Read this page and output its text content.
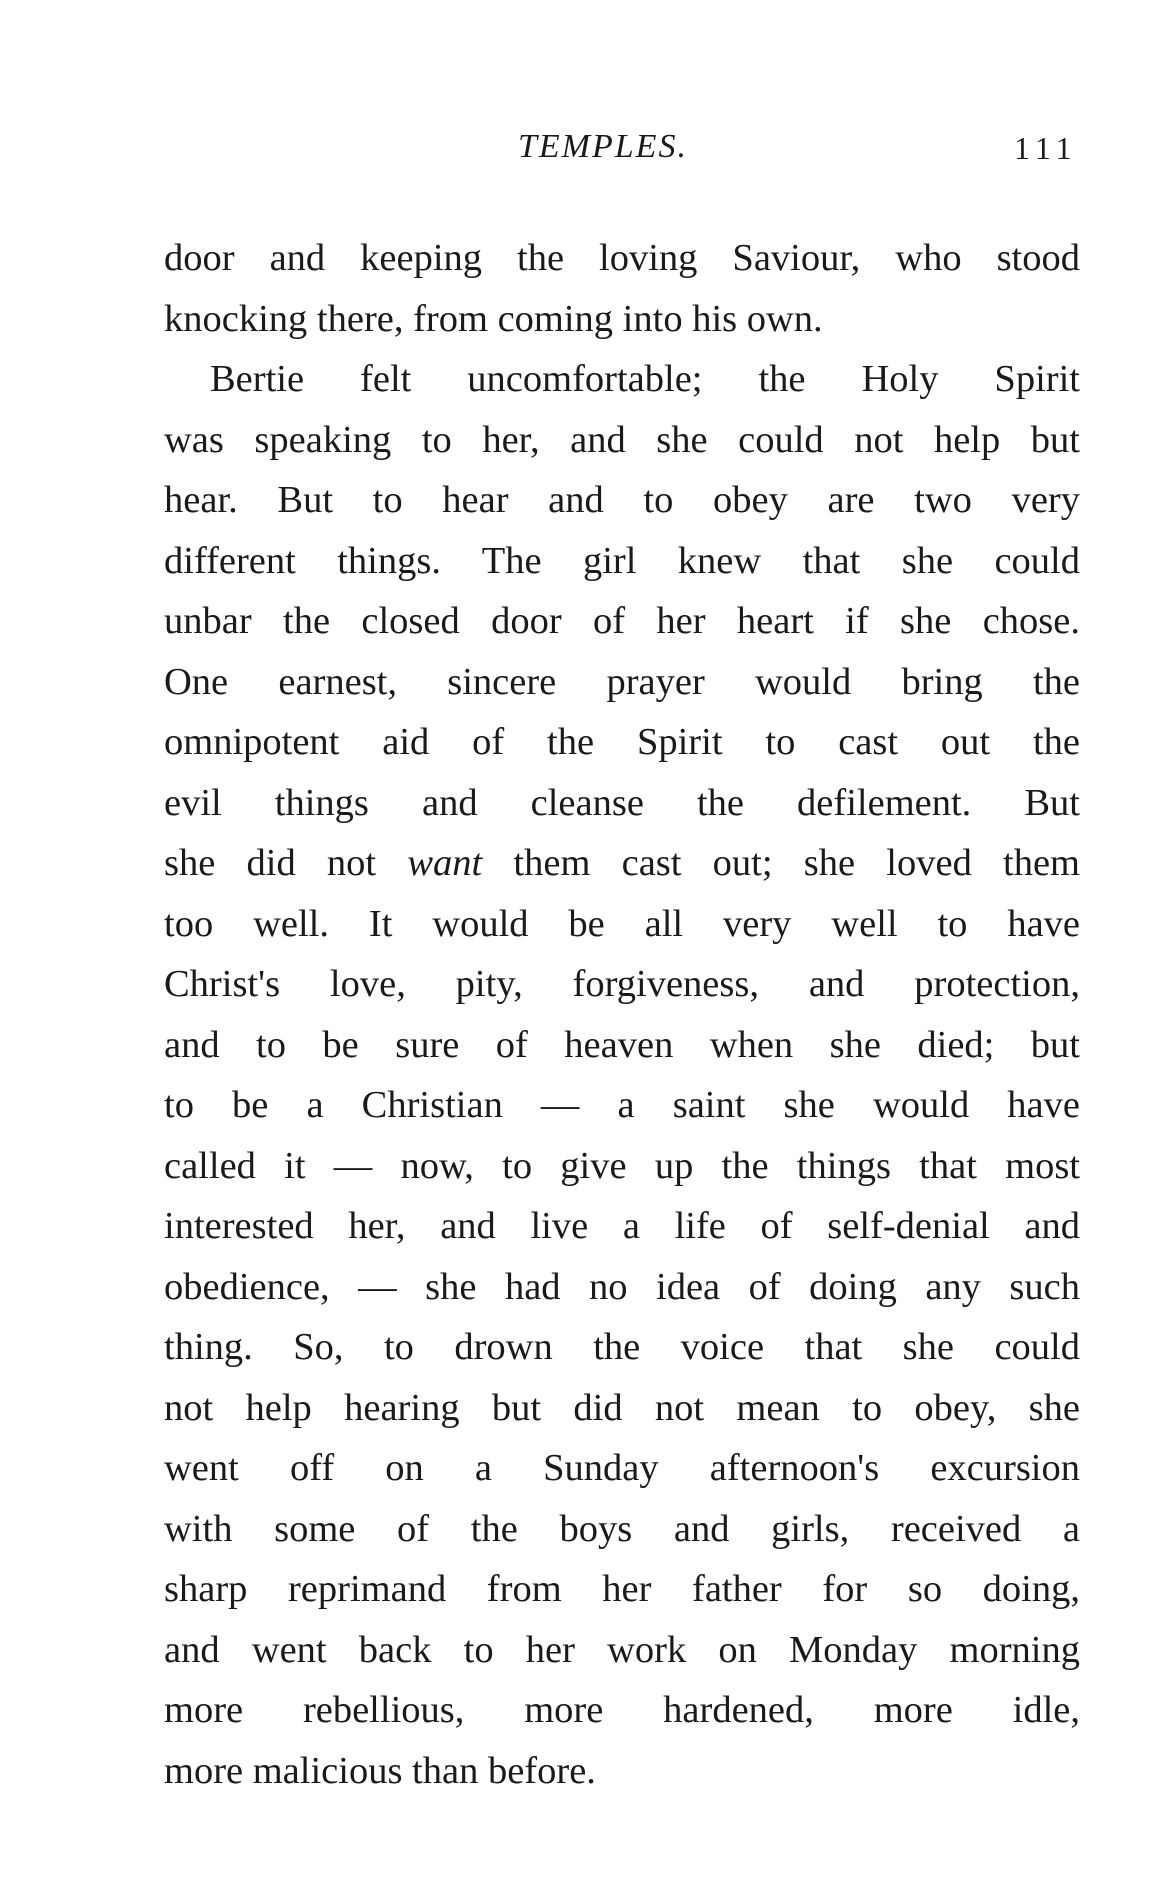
TEMPLES.	111
door and keeping the loving Saviour, who stood
knocking there, from coming into his own.
Bertie felt uncomfortable; the Holy Spirit
was speaking to her, and she could not help but
hear. But to hear and to obey are two very
different things. The girl knew that she could
unbar the closed door of her heart if she chose.
One earnest, sincere prayer would bring the
omnipotent aid of the Spirit to cast out the
evil things and cleanse the defilement. But
she did not want them cast out; she loved them
too well. It would be all very well to have
Christ's love, pity, forgiveness, and protection,
and to be sure of heaven when she died; but
to be a Christian — a saint she would have
called it — now, to give up the things that most
interested her, and live a life of self-denial and
obedience, — she had no idea of doing any such
thing. So, to drown the voice that she could
not help hearing but did not mean to obey, she
went off on a Sunday afternoon's excursion
with some of the boys and girls, received a
sharp reprimand from her father for so doing,
and went back to her work on Monday morning
more rebellious, more hardened, more idle,
more malicious than before.
